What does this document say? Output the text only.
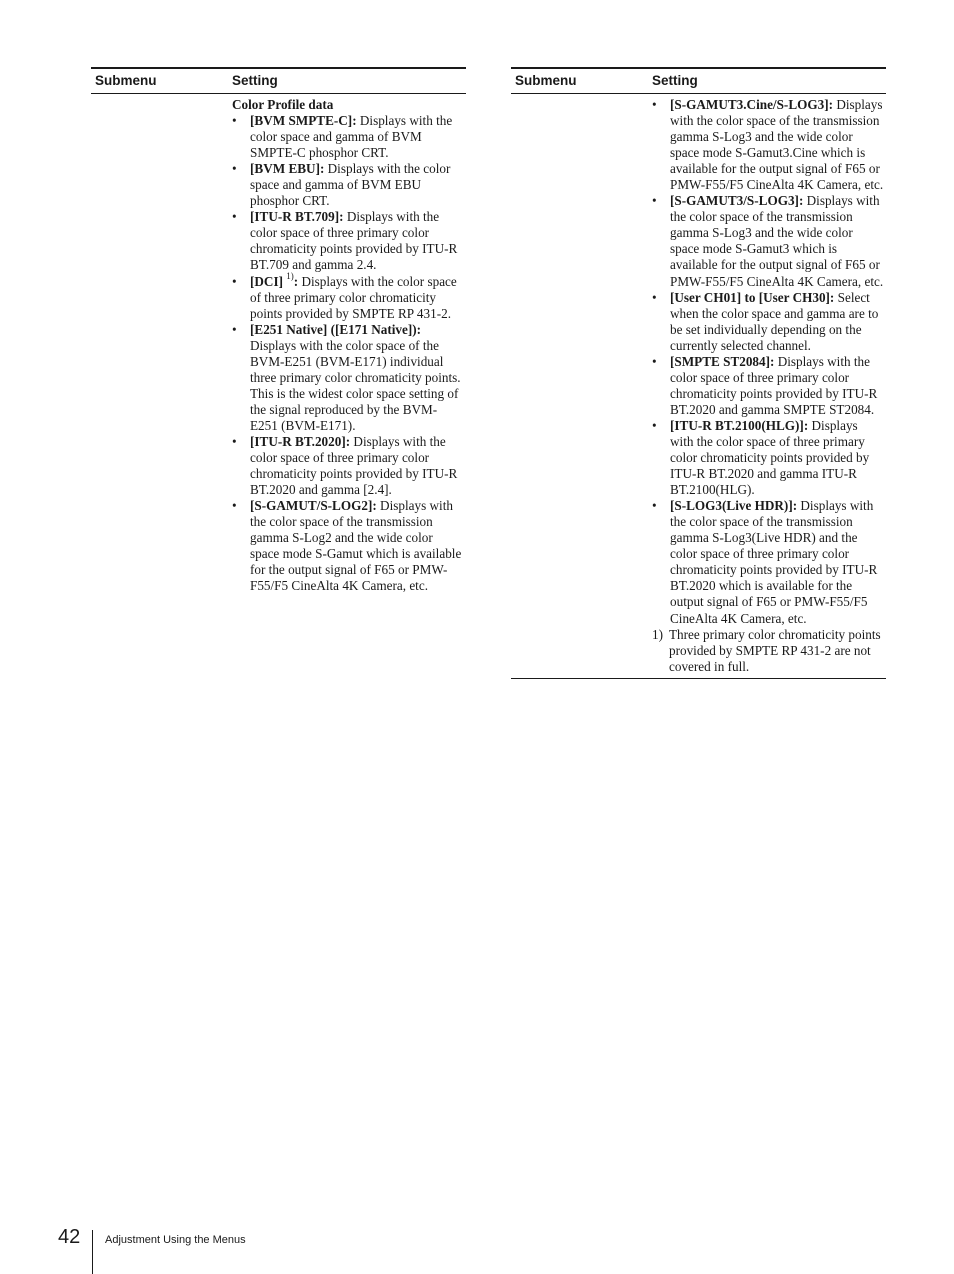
Submenu	Setting
Color Profile data
• [BVM SMPTE-C]: Displays with the color space and gamma of BVM SMPTE-C phosphor CRT.
• [BVM EBU]: Displays with the color space and gamma of BVM EBU phosphor CRT.
• [ITU-R BT.709]: Displays with the color space of three primary color chromaticity points provided by ITU-R BT.709 and gamma 2.4.
• [DCI] $^{1)}$: Displays with the color space of three primary color chromaticity points provided by SMPTE RP 431-2.
• [E251 Native] ([E171 Native]): Displays with the color space of the BVM-E251 (BVM-E171) individual three primary color chromaticity points. This is the widest color space setting of the signal reproduced by the BVM-E251 (BVM-E171).
• [ITU-R BT.2020]: Displays with the color space of three primary color chromaticity points provided by ITU-R BT.2020 and gamma [2.4].
• [S-GAMUT/S-LOG2]: Displays with the color space of the transmission gamma S-Log2 and the wide color space mode S-Gamut which is available for the output signal of F65 or PMW-F55/F5 CineAlta 4K Camera, etc.
Submenu	Setting
• [S-GAMUT3.Cine/S-LOG3]: Displays with the color space of the transmission gamma S-Log3 and the wide color space mode S-Gamut3.Cine which is available for the output signal of F65 or PMW-F55/F5 CineAlta 4K Camera, etc.
• [S-GAMUT3/S-LOG3]: Displays with the color space of the transmission gamma S-Log3 and the wide color space mode S-Gamut3 which is available for the output signal of F65 or PMW-F55/F5 CineAlta 4K Camera, etc.
• [User CH01] to [User CH30]: Select when the color space and gamma are to be set individually depending on the currently selected channel.
• [SMPTE ST2084]: Displays with the color space of three primary color chromaticity points provided by ITU-R BT.2020 and gamma SMPTE ST2084.
• [ITU-R BT.2100(HLG)]: Displays with the color space of three primary color chromaticity points provided by ITU-R BT.2020 and gamma ITU-R BT.2100(HLG).
• [S-LOG3(Live HDR)]: Displays with the color space of the transmission gamma S-Log3(Live HDR) and the color space of three primary color chromaticity points provided by ITU-R BT.2020 which is available for the output signal of F65 or PMW-F55/F5 CineAlta 4K Camera, etc.
1) Three primary color chromaticity points provided by SMPTE RP 431-2 are not covered in full.
42 Adjustment Using the Menus
